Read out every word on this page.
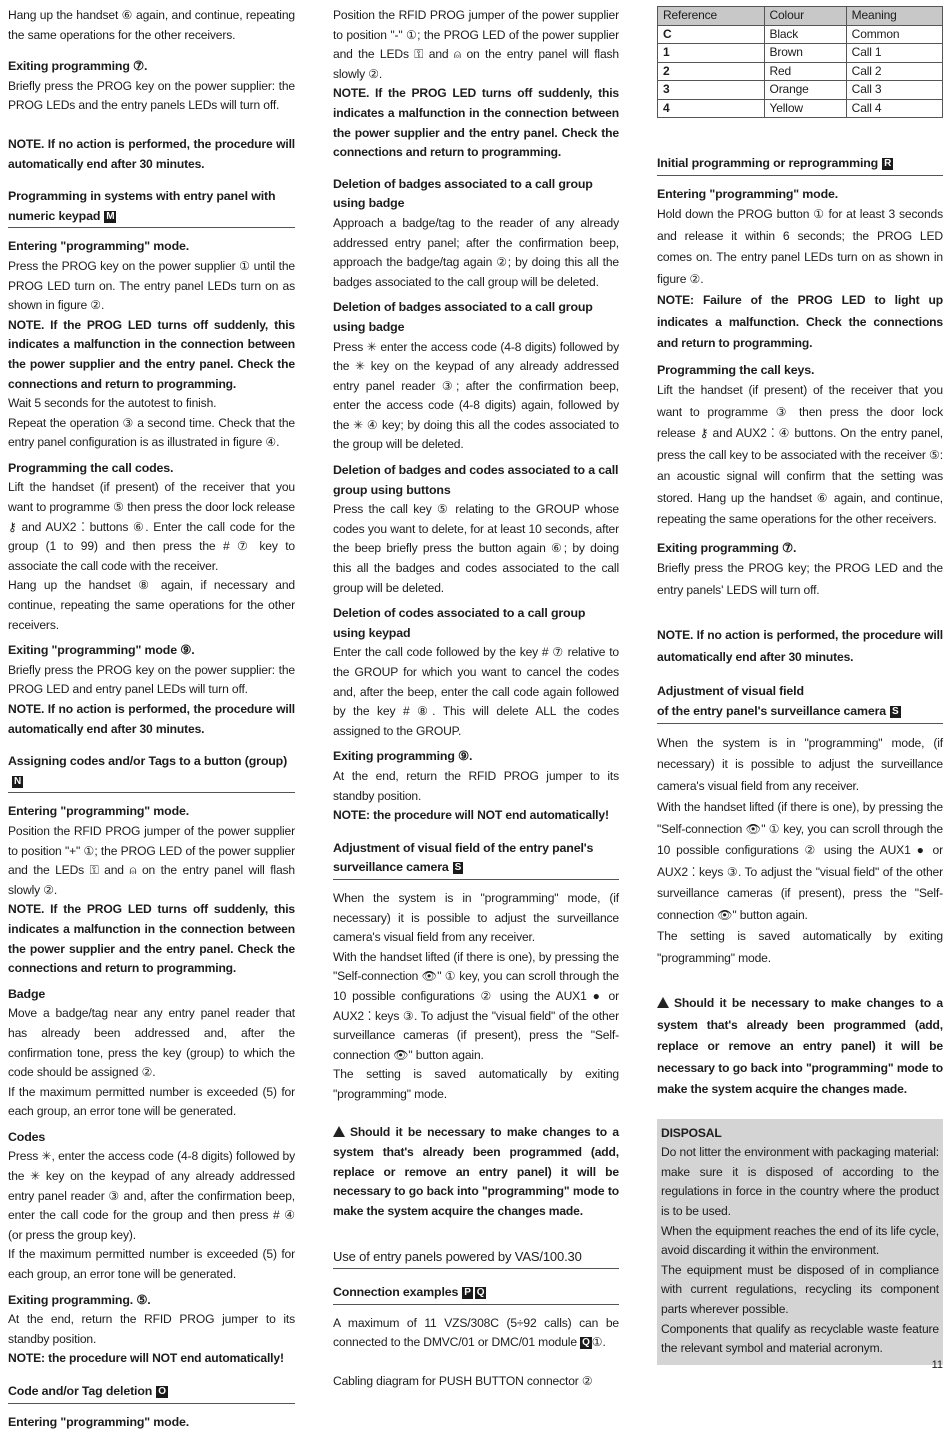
Hang up the handset ⑥ again, and continue, repeating the same operations for the other receivers.

Exiting programming ⑦.

Briefly press the PROG key on the power supplier: the PROG LEDs and the entry panels LEDs will turn off.

NOTE. If no action is performed, the procedure will automatically end after 30 minutes.

Programming in systems with entry panel with numeric keypad M
Entering "programming" mode.

Press the PROG key on the power supplier ① until the PROG LED turn on. The entry panel LEDs turn on as shown in figure ②.

NOTE. If the PROG LED turns off suddenly, this indicates a malfunction in the connection between the power supplier and the entry panel. Check the connections and return to programming.

Wait 5 seconds for the autotest to finish.

Repeat the operation ③ a second time. Check that the entry panel configuration is as illustrated in figure ④.

Programming the call codes.

Lift the handset (if present) of the receiver that you want to programme ⑤ then press the door lock release ⚷ and AUX2 ⁚ buttons ⑥. Enter the call code for the group (1 to 99) and then press the # ⑦ key to associate the call code with the receiver.

Hang up the handset ⑧ again, if necessary and continue, repeating the same operations for the other receivers.

Exiting "programming" mode ⑨.

Briefly press the PROG key on the power supplier: the PROG LED and entry panel LEDs will turn off.

NOTE. If no action is performed, the procedure will automatically end after 30 minutes.

Assigning codes and/or Tags to a button (group)N
Entering "programming" mode.

Position the RFID PROG jumper of the power supplier to position "+" ①; the PROG LED of the power supplier and the LEDs ⚿ and ⍝ on the entry panel will flash slowly ②.

NOTE. If the PROG LED turns off suddenly, this indicates a malfunction in the connection between the power supplier and the entry panel. Check the connections and return to programming.

Badge

Move a badge/tag near any entry panel reader that has already been addressed and, after the confirmation tone, press the key (group) to which the code should be assigned ②.

If the maximum permitted number is exceeded (5) for each group, an error tone will be generated.

Codes

Press ✳, enter the access code (4-8 digits) followed by the ✳ key on the keypad of any already addressed entry panel reader ③ and, after the confirmation beep, enter the call code for the group and then press # ④ (or press the group key).

If the maximum permitted number is exceeded (5) for each group, an error tone will be generated.

Exiting programming. ⑤.

At the end, return the RFID PROG jumper to its standby position.

NOTE: the procedure will NOT end automatically!

Code and/or Tag deletion O
Entering "programming" mode.

Position the RFID PROG jumper of the power supplier to position "-" ①; the PROG LED of the power supplier and the LEDs ⚿ and ⍝ on the entry panel will flash slowly ②.

NOTE. If the PROG LED turns off suddenly, this indicates a malfunction in the connection between the power supplier and the entry panel. Check the connections and return to programming.

Deletion of badges associated to a call group using badge

Approach a badge/tag to the reader of any already addressed entry panel; after the confirmation beep, approach the badge/tag again ②; by doing this all the badges associated to the call group will be deleted.

Deletion of badges associated to a call group using badge

Press ✳ enter the access code (4-8 digits) followed by the ✳ key on the keypad of any already addressed entry panel reader ③; after the confirmation beep, enter the access code (4-8 digits) again, followed by the ✳ ④ key; by doing this all the codes associated to the group will be deleted.

Deletion of badges and codes associated to a call group using buttons

Press the call key ⑤ relating to the GROUP whose codes you want to delete, for at least 10 seconds, after the beep briefly press the button again ⑥; by doing this all the badges and codes associated to the call group will be deleted.

Deletion of codes associated to a call group using keypad

Enter the call code followed by the key # ⑦ relative to the GROUP for which you want to cancel the codes and, after the beep, enter the call code again followed by the key # ⑧. This will delete ALL the codes assigned to the GROUP.

Exiting programming ⑨.

At the end, return the RFID PROG jumper to its standby position.

NOTE: the procedure will NOT end automatically!

Adjustment of visual field of the entry panel's surveillance camera S

When the system is in "programming" mode, (if necessary) it is possible to adjust the surveillance camera's visual field from any receiver.

With the handset lifted (if there is one), by pressing the "Self-connection 👁" ① key, you can scroll through the 10 possible configurations ② using the AUX1 ● or AUX2 ⁚ keys ③. To adjust the "visual field" of the other surveillance cameras (if present), press the "Self-connection 👁" button again.

The setting is saved automatically by exiting "programming" mode.

Should it be necessary to make changes to a system that's already been programmed (add, replace or remove an entry panel) it will be necessary to go back into "programming" mode to make the system acquire the changes made.

Use of entry panels powered by VAS/100.30
Connection examples P Q

A maximum of 11 VZS/308C (5÷92 calls) can be connected to the DMVC/01 or DMC/01 module Q ①.

Cabling diagram for PUSH BUTTON connector ②

Reference	Colour	Meaning
C	Black	Common
1	Brown	Call 1
2	Red	Call 2
3	Orange	Call 3
4	Yellow	Call 4
Initial programming or reprogramming R
Entering "programming" mode.

Hold down the PROG button ① for at least 3 seconds and release it within 6 seconds; the PROG LED comes on. The entry panel LEDs turn on as shown in figure ②.

NOTE: Failure of the PROG LED to light up indicates a malfunction. Check the connections and return to programming.

Programming the call keys.

Lift the handset (if present) of the receiver that you want to programme ③ then press the door lock release ⚷ and AUX2 ⁚ ④ buttons. On the entry panel, press the call key to be associated with the receiver ⑤: an acoustic signal will confirm that the setting was stored. Hang up the handset ⑥ again, and continue, repeating the same operations for the other receivers.

Exiting programming ⑦.

Briefly press the PROG key; the PROG LED and the entry panels' LEDS will turn off.

NOTE. If no action is performed, the procedure will automatically end after 30 minutes.

Adjustment of visual field
of the entry panel's surveillance camera S

When the system is in "programming" mode, (if necessary) it is possible to adjust the surveillance camera's visual field from any receiver.

With the handset lifted (if there is one), by pressing the "Self-connection 👁" ① key, you can scroll through the 10 possible configurations ② using the AUX1 ● or AUX2 ⁚ keys ③. To adjust the "visual field" of the other surveillance cameras (if present), press the "Self-connection 👁" button again.

The setting is saved automatically by exiting "programming" mode.

Should it be necessary to make changes to a system that's already been programmed (add, replace or remove an entry panel) it will be necessary to go back into "programming" mode to make the system acquire the changes made.

DISPOSAL

Do not litter the environment with packaging material: make sure it is disposed of according to the regulations in force in the country where the product is to be used.

When the equipment reaches the end of its life cycle, avoid discarding it within the environment.

The equipment must be disposed of in compliance with current regulations, recycling its component parts wherever possible.

Components that qualify as recyclable waste feature the relevant symbol and material acronym.

11
